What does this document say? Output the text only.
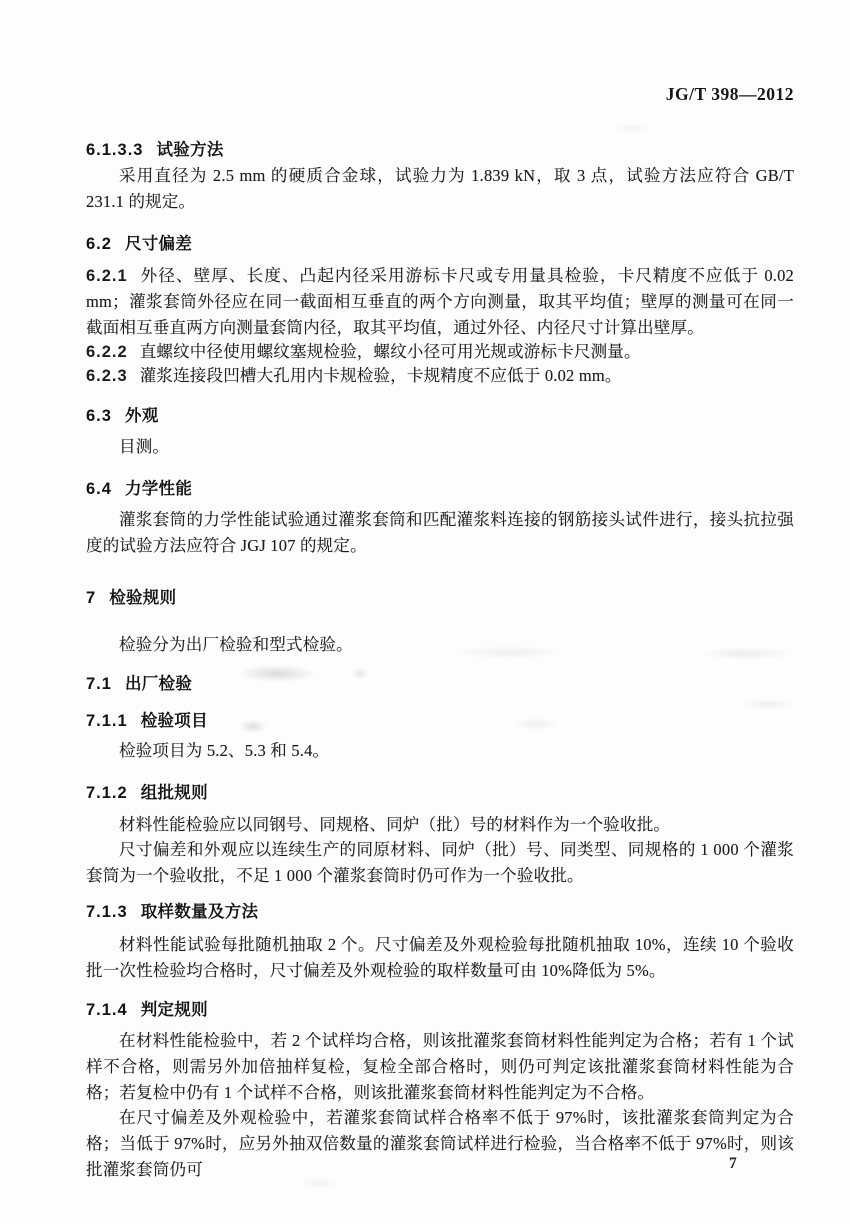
JG/T 398—2012
6.1.3.3 试验方法

采用直径为 2.5 mm 的硬质合金球，试验力为 1.839 kN，取 3 点，试验方法应符合 GB/T 231.1 的规定。

6.2 尺寸偏差

6.2.1 外径、壁厚、长度、凸起内径采用游标卡尺或专用量具检验，卡尺精度不应低于 0.02 mm；灌浆套筒外径应在同一截面相互垂直的两个方向测量，取其平均值；壁厚的测量可在同一截面相互垂直两方向测量套筒内径，取其平均值，通过外径、内径尺寸计算出壁厚。

6.2.2 直螺纹中径使用螺纹塞规检验，螺纹小径可用光规或游标卡尺测量。

6.2.3 灌浆连接段凹槽大孔用内卡规检验，卡规精度不应低于 0.02 mm。

6.3 外观

目测。

6.4 力学性能

灌浆套筒的力学性能试验通过灌浆套筒和匹配灌浆料连接的钢筋接头试件进行，接头抗拉强度的试验方法应符合 JGJ 107 的规定。

7 检验规则

检验分为出厂检验和型式检验。

7.1 出厂检验
7.1.1 检验项目

检验项目为 5.2、5.3 和 5.4。

7.1.2 组批规则

材料性能检验应以同钢号、同规格、同炉（批）号的材料作为一个验收批。

尺寸偏差和外观应以连续生产的同原材料、同炉（批）号、同类型、同规格的 1 000 个灌浆套筒为一个验收批，不足 1 000 个灌浆套筒时仍可作为一个验收批。

7.1.3 取样数量及方法

材料性能试验每批随机抽取 2 个。尺寸偏差及外观检验每批随机抽取 10%，连续 10 个验收批一次性检验均合格时，尺寸偏差及外观检验的取样数量可由 10%降低为 5%。

7.1.4 判定规则

在材料性能检验中，若 2 个试样均合格，则该批灌浆套筒材料性能判定为合格；若有 1 个试样不合格，则需另外加倍抽样复检，复检全部合格时，则仍可判定该批灌浆套筒材料性能为合格；若复检中仍有 1 个试样不合格，则该批灌浆套筒材料性能判定为不合格。

在尺寸偏差及外观检验中，若灌浆套筒试样合格率不低于 97%时，该批灌浆套筒判定为合格；当低于 97%时，应另外抽双倍数量的灌浆套筒试样进行检验，当合格率不低于 97%时，则该批灌浆套筒仍可	7
